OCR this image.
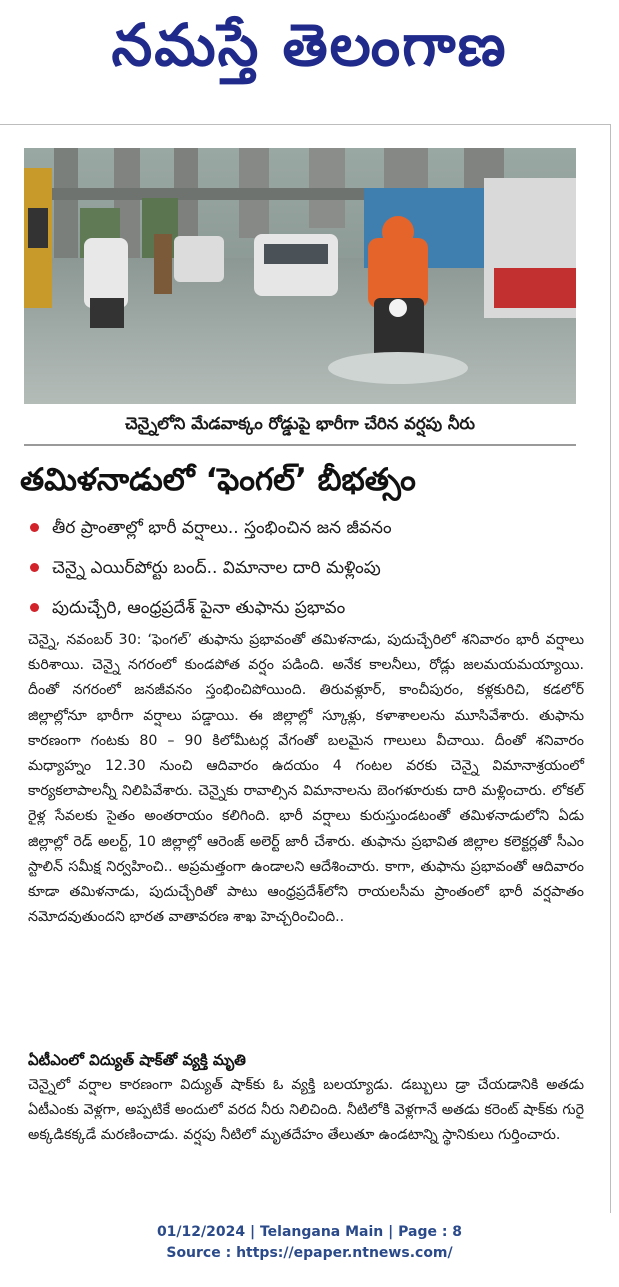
నమస్తే తెలంగాణ
చెన్నైలోని మేడవాక్కం రోడ్డుపై భారీగా చేరిన వర్షపు నీరు
తమిళనాడులో ‘ఫెంగల్’ బీభత్సం
తీర ప్రాంతాల్లో భారీ వర్షాలు.. స్తంభించిన జన జీవనం
చెన్నై ఎయిర్‌పోర్టు బంద్.. విమానాల దారి మళ్లింపు
పుదుచ్చేరి, ఆంధ్రప్రదేశ్ పైనా తుఫాను ప్రభావం

చెన్నై, నవంబర్ 30: ‘ఫెంగల్’ తుఫాను ప్రభావంతో తమిళనాడు, పుదుచ్చేరిలో శనివారం భారీ వర్షాలు కురిశాయి. చెన్నై నగరంలో కుండపోత వర్షం పడింది. అనేక కాలనీలు, రోడ్లు జలమయమయ్యాయి. దీంతో నగరంలో జనజీవనం స్తంభించిపోయింది. తిరువళ్లూర్, కాంచీపురం, కళ్లకురిచి, కడలోర్ జిల్లాల్లోనూ భారీగా వర్షాలు పడ్డాయి. ఈ జిల్లాల్లో స్కూళ్లు, కళాశాలలను మూసివేశారు. తుఫాను కారణంగా గంటకు 80 – 90 కిలోమీటర్ల వేగంతో బలమైన గాలులు వీచాయి. దీంతో శనివారం మధ్యాహ్నం 12.30 నుంచి ఆదివారం ఉదయం 4 గంటల వరకు చెన్నై విమానాశ్రయంలో కార్యకలాపాలన్నీ నిలిపివేశారు. చెన్నైకు రావాల్సిన విమానాలను బెంగళూరుకు దారి మళ్లించారు. లోకల్ రైళ్ల సేవలకు సైతం అంతరాయం కలిగింది. భారీ వర్షాలు కురుస్తుండటంతో తమిళనాడులోని ఏడు జిల్లాల్లో రెడ్ అలర్ట్, 10 జిల్లాల్లో ఆరెంజ్ అలెర్ట్ జారీ చేశారు. తుఫాను ప్రభావిత జిల్లాల కలెక్టర్లతో సీఎం స్టాలిన్ సమీక్ష నిర్వహించి.. అప్రమత్తంగా ఉండాలని ఆదేశించారు. కాగా, తుఫాను ప్రభావంతో ఆదివారం కూడా తమిళనాడు, పుదుచ్చేరితో పాటు ఆంధ్రప్రదేశ్‌లోని రాయలసీమ ప్రాంతంలో భారీ వర్షపాతం నమోదవుతుందని భారత వాతావరణ శాఖ హెచ్చరించింది..

ఏటీఎంలో విద్యుత్ షాక్‌తో వ్యక్తి మృతి

చెన్నైలో వర్షాల కారణంగా విద్యుత్ షాక్‌కు ఓ వ్యక్తి బలయ్యాడు. డబ్బులు డ్రా చేయడానికి అతడు ఏటీఎంకు వెళ్లగా, అప్పటికే అందులో వరద నీరు నిలిచింది. నీటిలోకి వెళ్లగానే అతడు కరెంట్ షాక్‌కు గురై అక్కడికక్కడే మరణించాడు. వర్షపు నీటిలో మృతదేహం తేలుతూ ఉండటాన్ని స్థానికులు గుర్తించారు.

01/12/2024 | Telangana Main | Page : 8
Source : https://epaper.ntnews.com/
